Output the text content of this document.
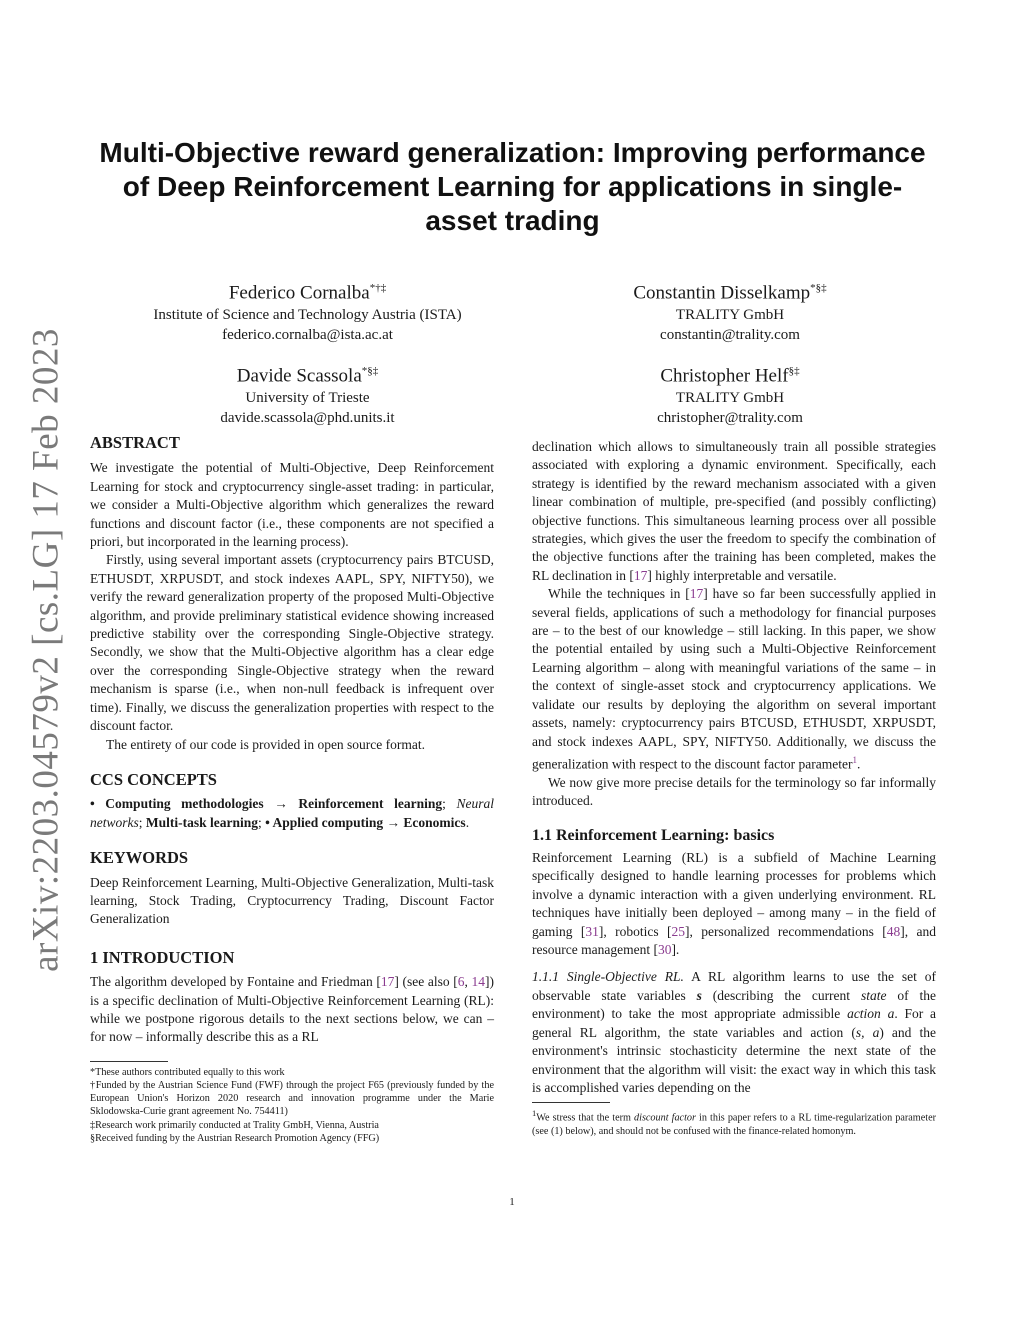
arXiv:2203.04579v2 [cs.LG] 17 Feb 2023
Multi-Objective reward generalization: Improving performance of Deep Reinforcement Learning for applications in single-asset trading
Federico Cornalba*†‡
Institute of Science and Technology Austria (ISTA)
federico.cornalba@ista.ac.at
Constantin Disselkamp*§‡
TRALITY GmbH
constantin@trality.com
Davide Scassola*§‡
University of Trieste
davide.scassola@phd.units.it
Christopher Helf§‡
TRALITY GmbH
christopher@trality.com
ABSTRACT

We investigate the potential of Multi-Objective, Deep Reinforcement Learning for stock and cryptocurrency single-asset trading: in particular, we consider a Multi-Objective algorithm which generalizes the reward functions and discount factor (i.e., these components are not specified a priori, but incorporated in the learning process).

Firstly, using several important assets (cryptocurrency pairs BTCUSD, ETHUSDT, XRPUSDT, and stock indexes AAPL, SPY, NIFTY50), we verify the reward generalization property of the proposed Multi-Objective algorithm, and provide preliminary statistical evidence showing increased predictive stability over the corresponding Single-Objective strategy. Secondly, we show that the Multi-Objective algorithm has a clear edge over the corresponding Single-Objective strategy when the reward mechanism is sparse (i.e., when non-null feedback is infrequent over time). Finally, we discuss the generalization properties with respect to the discount factor.

The entirety of our code is provided in open source format.

CCS CONCEPTS

• Computing methodologies → Reinforcement learning; Neural networks; Multi-task learning; • Applied computing → Economics.

KEYWORDS

Deep Reinforcement Learning, Multi-Objective Generalization, Multi-task learning, Stock Trading, Cryptocurrency Trading, Discount Factor Generalization

1 INTRODUCTION

The algorithm developed by Fontaine and Friedman [17] (see also [6, 14]) is a specific declination of Multi-Objective Reinforcement Learning (RL): while we postpone rigorous details to the next sections below, we can – for now – informally describe this as a RL

*These authors contributed equally to this work
†Funded by the Austrian Science Fund (FWF) through the project F65 (previously funded by the European Union's Horizon 2020 research and innovation programme under the Marie Sklodowska-Curie grant agreement No. 754411)
‡Research work primarily conducted at Trality GmbH, Vienna, Austria
§Received funding by the Austrian Research Promotion Agency (FFG)

declination which allows to simultaneously train all possible strategies associated with exploring a dynamic environment. Specifically, each strategy is identified by the reward mechanism associated with a given linear combination of multiple, pre-specified (and possibly conflicting) objective functions. This simultaneous learning process over all possible strategies, which gives the user the freedom to specify the combination of the objective functions after the training has been completed, makes the RL declination in [17] highly interpretable and versatile.

While the techniques in [17] have so far been successfully applied in several fields, applications of such a methodology for financial purposes are – to the best of our knowledge – still lacking. In this paper, we show the potential entailed by using such a Multi-Objective Reinforcement Learning algorithm – along with meaningful variations of the same – in the context of single-asset stock and cryptocurrency applications. We validate our results by deploying the algorithm on several important assets, namely: cryptocurrency pairs BTCUSD, ETHUSDT, XRPUSDT, and stock indexes AAPL, SPY, NIFTY50. Additionally, we discuss the generalization with respect to the discount factor parameter$^1$.

We now give more precise details for the terminology so far informally introduced.

1.1 Reinforcement Learning: basics

Reinforcement Learning (RL) is a subfield of Machine Learning specifically designed to handle learning processes for problems which involve a dynamic interaction with a given underlying environment. RL techniques have initially been deployed – among many – in the field of gaming [31], robotics [25], personalized recommendations [48], and resource management [30].

1.1.1 Single-Objective RL. A RL algorithm learns to use the set of observable state variables s (describing the current state of the environment) to take the most appropriate admissible action a. For a general RL algorithm, the state variables and action (s, a) and the environment's intrinsic stochasticity determine the next state of the environment that the algorithm will visit: the exact way in which this task is accomplished varies depending on the

$^1$We stress that the term discount factor in this paper refers to a RL time-regularization parameter (see (1) below), and should not be confused with the finance-related homonym.
1
